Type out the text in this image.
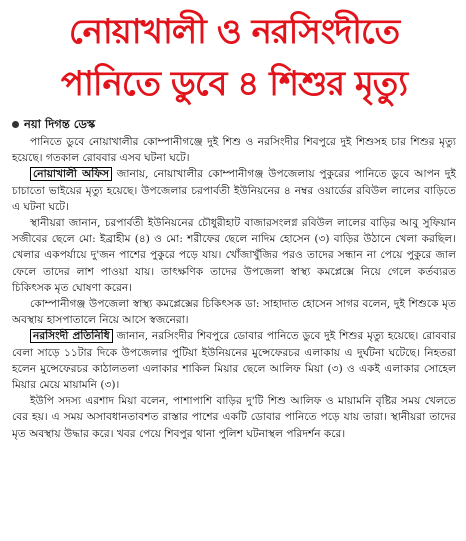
নোয়াখালী ও নরসিংদীতে
পানিতে ডুবে ৪ শিশুর মৃত্যু
নয়া দিগন্ত ডেস্ক

পানিতে ডুবে নোয়াখালীর কোম্পানীগঞ্জে দুই শিশু ও নরসিংদীর শিবপুরে দুই শিশুসহ চার শিশুর মৃত্যু হয়েছে। গতকাল রোববার এসব ঘটনা ঘটে।

নোয়াখালী অফিস জানায়, নোয়াখালীর কোম্পানীগঞ্জ উপজেলায় পুকুরের পানিতে ডুবে আপন দুই চাচাতো ভাইয়ের মৃত্যু হয়েছে। উপজেলার চরপার্বতী ইউনিয়নের ৪ নম্বর ওয়ার্ডের রবিউল লালের বাড়িতে এ ঘটনা ঘটে।

স্থানীয়রা জানান, চরপার্বতী ইউনিয়নের চৌধুরীহাট বাজারসংলগ্ন রবিউল লালের বাড়ির আবু সুফিয়ান সজীবের ছেলে মো: ইব্রাহীম (৪) ও মো: শরীফের ছেলে নাদিম হোসেন (৩) বাড়ির উঠানে খেলা করছিল। খেলার একপর্যায়ে দু'জন পাশের পুকুরে পড়ে যায়। খোঁজাখুঁজির পরও তাদের সন্ধান না পেয়ে পুকুরে জাল ফেলে তাদের লাশ পাওয়া যায়। তাৎক্ষণিক তাদের উপজেলা স্বাস্থ্য কমপ্লেক্সে নিয়ে গেলে কর্তব্যরত চিকিৎসক মৃত ঘোষণা করেন।

কোম্পানীগঞ্জ উপজেলা স্বাস্থ্য কমপ্লেক্সের চিকিৎসক ডা: সাহাদাত হোসেন সাগর বলেন, দুই শিশুকে মৃত অবস্থায় হাসপাতালে নিয়ে আসে স্বজনেরা।

নরসিংদী প্রতিনিধি জানান, নরসিংদীর শিবপুরে ডোবার পানিতে ডুবে দুই শিশুর মৃত্যু হয়েছে। রোববার বেলা সাড়ে ১১টার দিকে উপজেলার পুটিয়া ইউনিয়নের মুন্সেফেরচর এলাকায় এ দুর্ঘটনা ঘটেছে। নিহতরা হলেন মুন্সেফেরচর কাঠালতলা এলাকার শাকিল মিয়ার ছেলে আলিফ মিয়া (৩) ও একই এলাকার সোহেল মিয়ার মেয়ে মায়ামনি (৩)।

ইউপি সদস্য এরশাদ মিয়া বলেন, পাশাপাশি বাড়ির দু'টি শিশু আলিফ ও মায়ামনি বৃষ্টির সময় খেলতে বের হয়। এ সময় অসাবধানতাবশত রাস্তার পাশের একটি ডোবার পানিতে পড়ে যায় তারা। স্থানীয়রা তাদের মৃত অবস্থায় উদ্ধার করে। খবর পেয়ে শিবপুর থানা পুলিশ ঘটনাস্থল পরিদর্শন করে।
